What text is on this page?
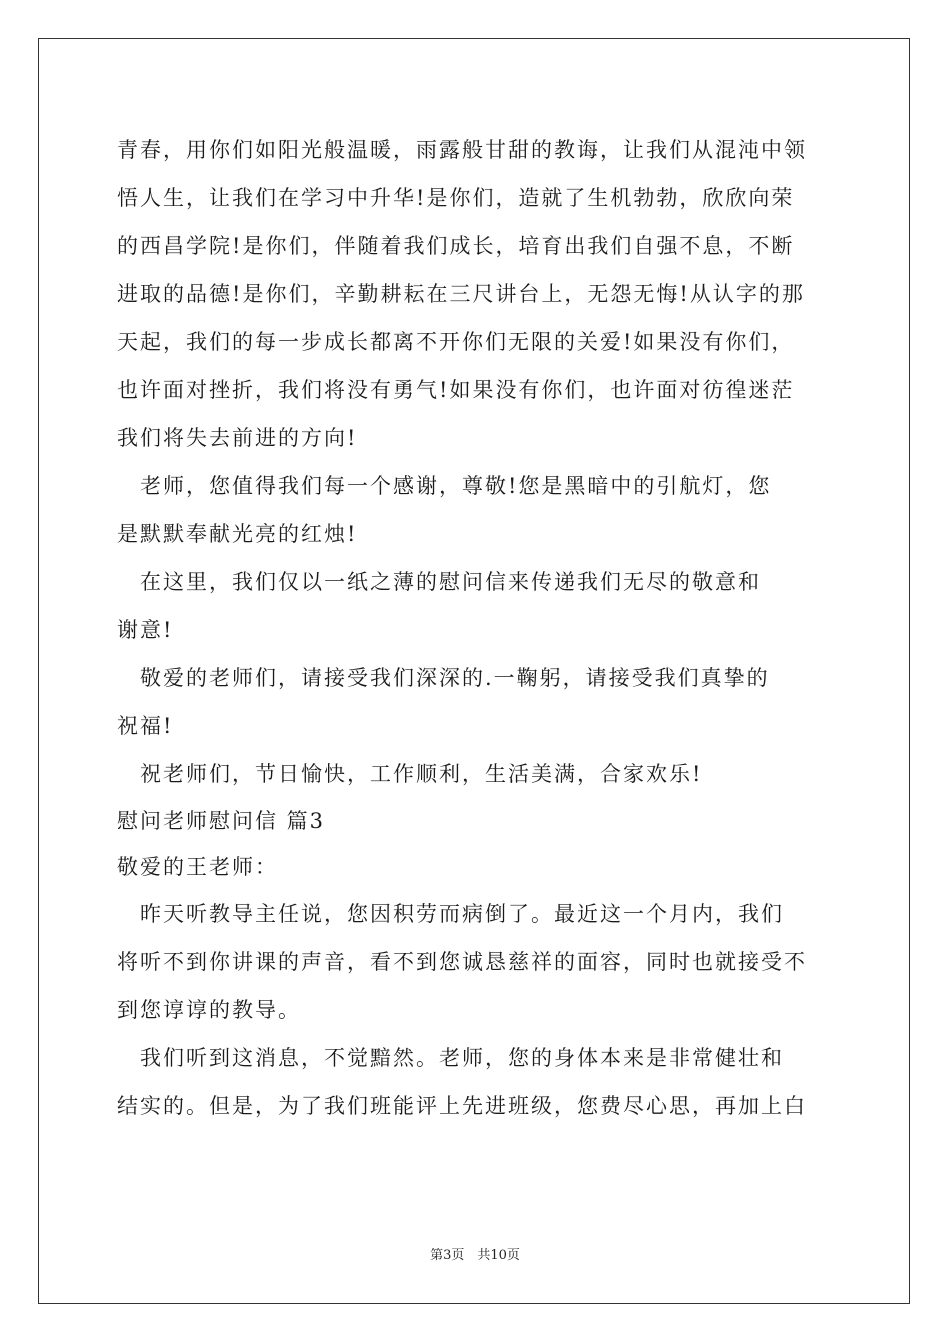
青春，用你们如阳光般温暖，雨露般甘甜的教诲，让我们从混沌中领
悟人生，让我们在学习中升华!是你们，造就了生机勃勃，欣欣向荣
的西昌学院!是你们，伴随着我们成长，培育出我们自强不息，不断
进取的品德!是你们，辛勤耕耘在三尺讲台上，无怨无悔!从认字的那
天起，我们的每一步成长都离不开你们无限的关爱!如果没有你们，
也许面对挫折，我们将没有勇气!如果没有你们，也许面对彷徨迷茫
我们将失去前进的方向!
　老师，您值得我们每一个感谢，尊敬!您是黑暗中的引航灯，您
是默默奉献光亮的红烛!
　在这里，我们仅以一纸之薄的慰问信来传递我们无尽的敬意和
谢意!
　敬爱的老师们，请接受我们深深的.一鞠躬，请接受我们真挚的
祝福!
　祝老师们，节日愉快，工作顺利，生活美满，合家欢乐!
慰问老师慰问信 篇3
敬爱的王老师：
　昨天听教导主任说，您因积劳而病倒了。最近这一个月内，我们
将听不到你讲课的声音，看不到您诚恳慈祥的面容，同时也就接受不
到您谆谆的教导。
　我们听到这消息，不觉黯然。老师，您的身体本来是非常健壮和
结实的。但是，为了我们班能评上先进班级，您费尽心思，再加上白
第3页　共10页
